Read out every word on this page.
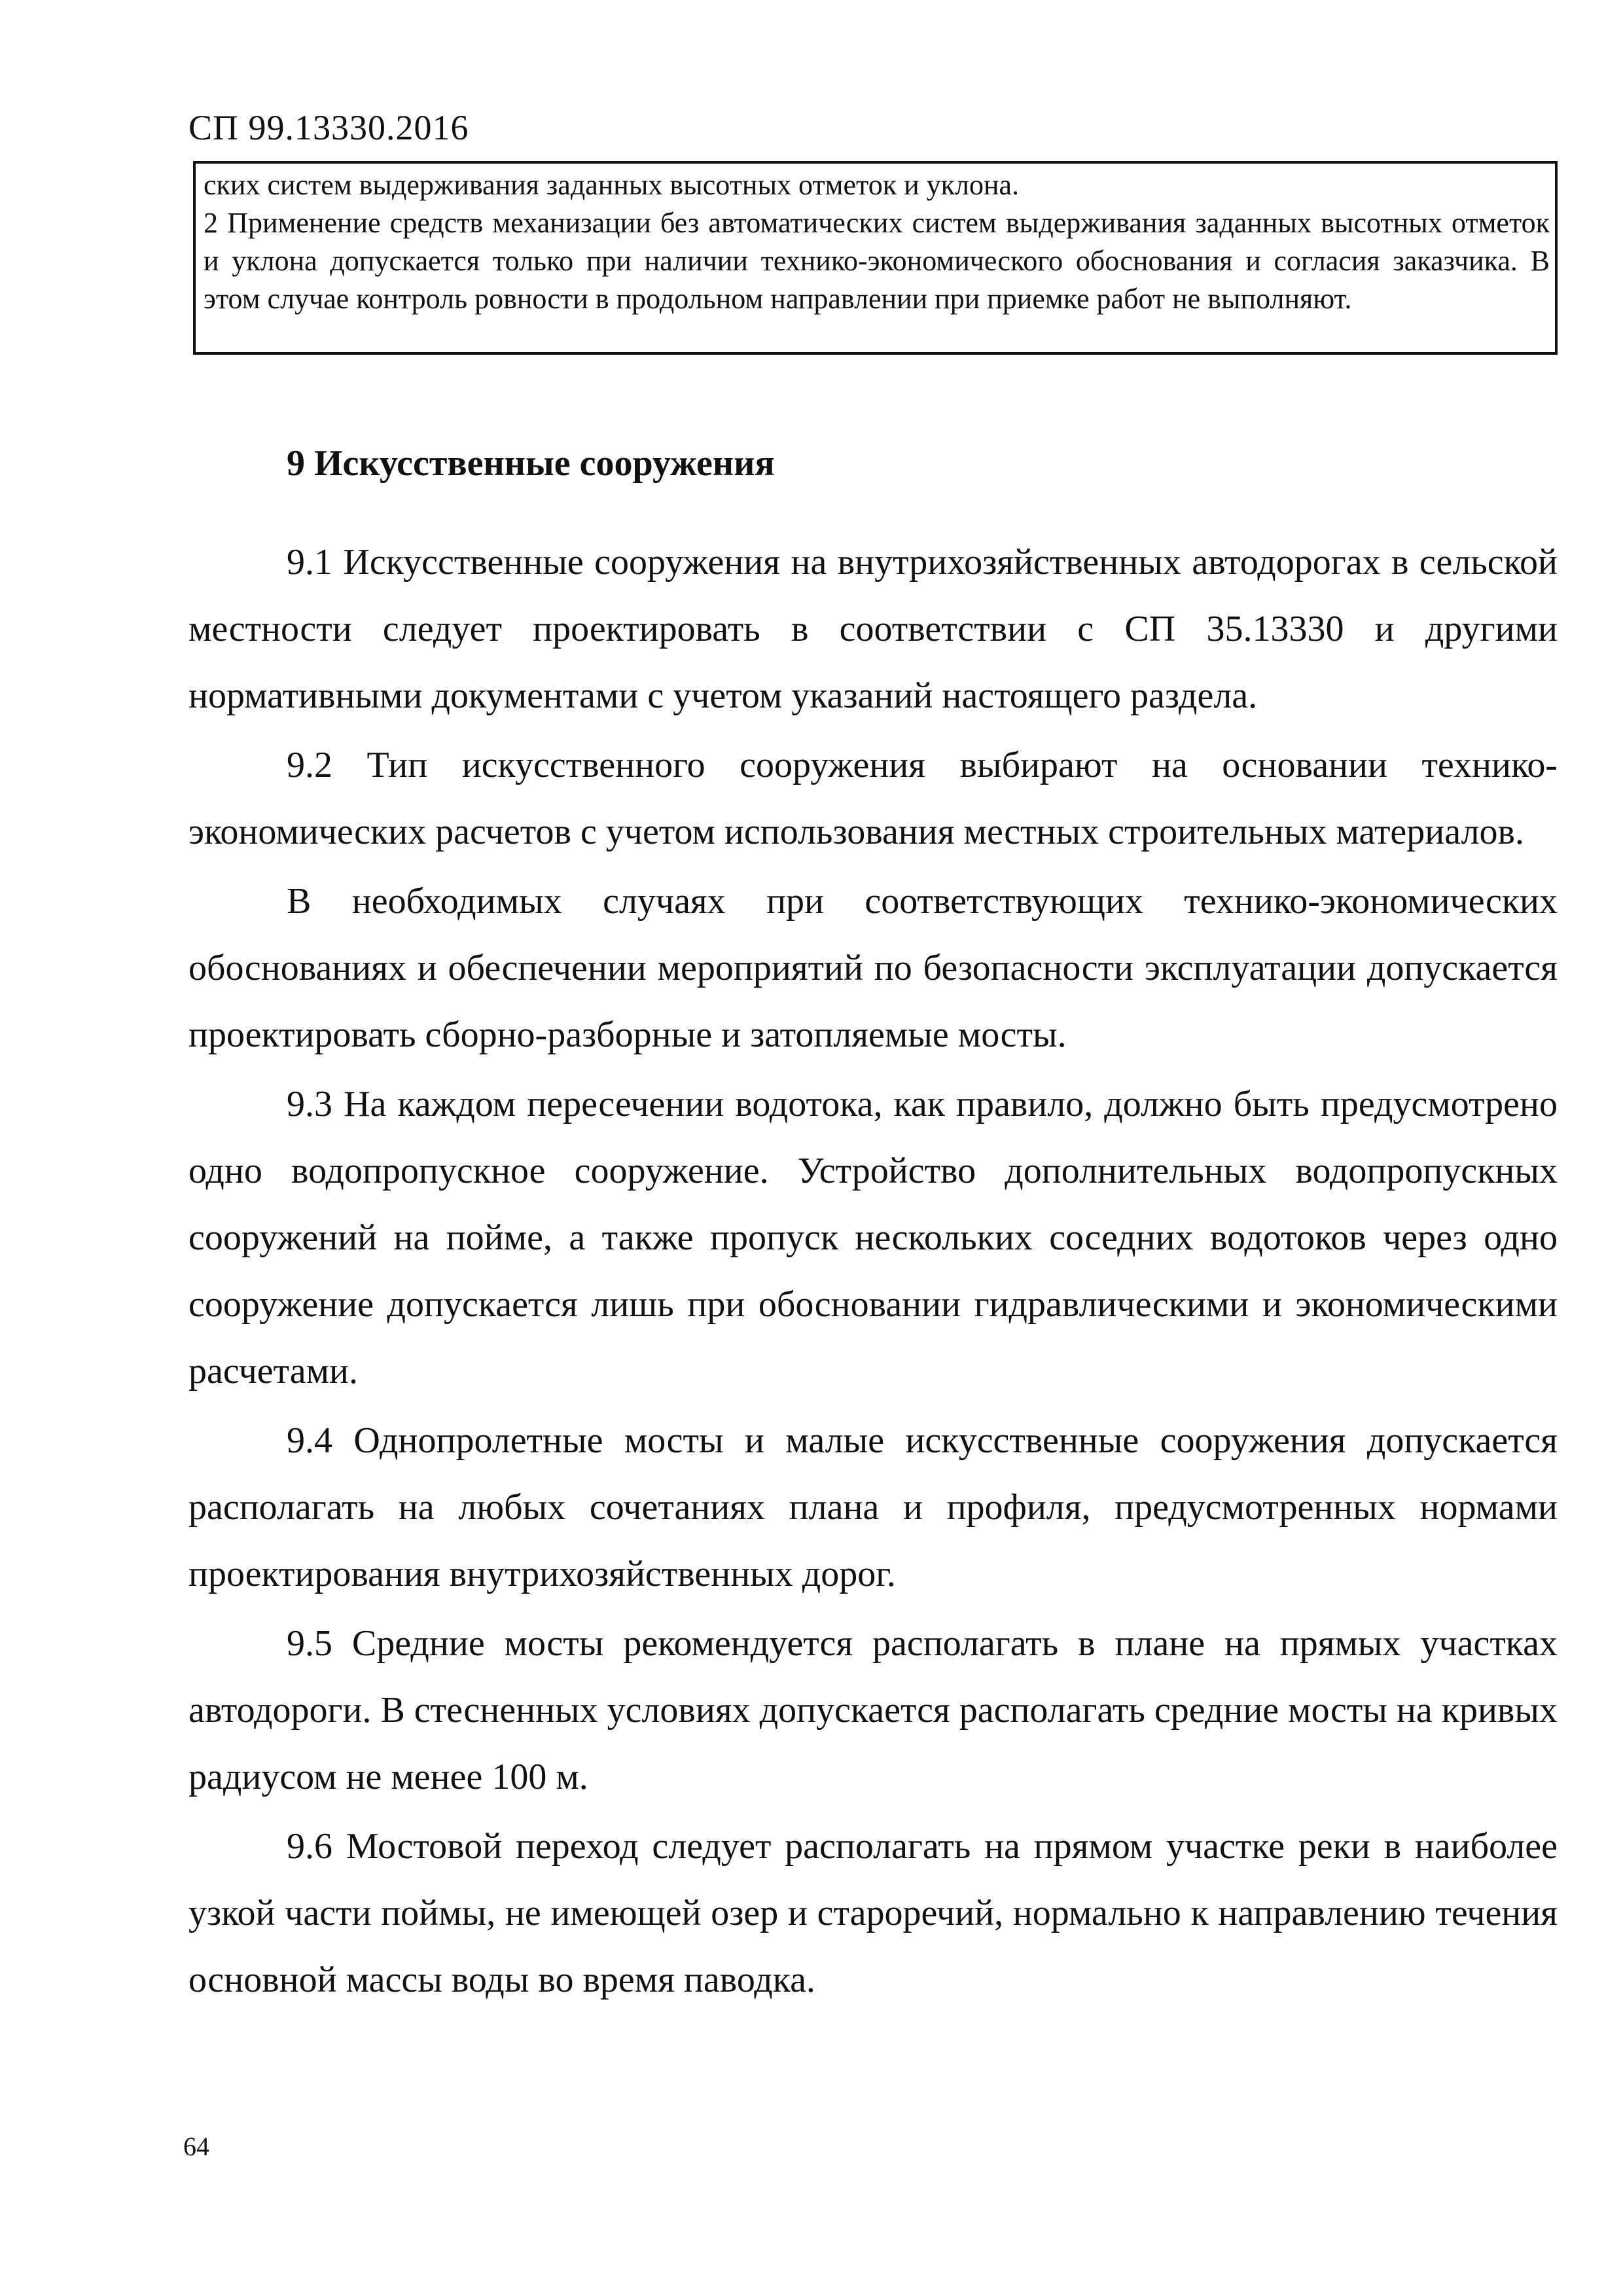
СП 99.13330.2016

ских систем выдерживания заданных высотных отметок и уклона.

2 Применение средств механизации без автоматических систем выдерживания заданных высотных отметок и уклона допускается только при наличии технико-экономического обоснования и согласия заказчика. В этом случае контроль ровности в продольном направлении при приемке работ не выполняют.

9 Искусственные сооружения

9.1 Искусственные сооружения на внутрихозяйственных автодорогах в сельской местности следует проектировать в соответствии с СП 35.13330 и другими нормативными документами с учетом указаний настоящего раздела.

9.2 Тип искусственного сооружения выбирают на основании технико-экономических расчетов с учетом использования местных строительных материалов.

В необходимых случаях при соответствующих технико-экономических обоснованиях и обеспечении мероприятий по безопасности эксплуатации допускается проектировать сборно-разборные и затопляемые мосты.

9.3 На каждом пересечении водотока, как правило, должно быть предусмотрено одно водопропускное сооружение. Устройство дополнительных водопропускных сооружений на пойме, а также пропуск нескольких соседних водотоков через одно сооружение допускается лишь при обосновании гидравлическими и экономическими расчетами.

9.4 Однопролетные мосты и малые искусственные сооружения допускается располагать на любых сочетаниях плана и профиля, предусмотренных нормами проектирования внутрихозяйственных дорог.

9.5 Средние мосты рекомендуется располагать в плане на прямых участках автодороги. В стесненных условиях допускается располагать средние мосты на кривых радиусом не менее 100 м.

9.6 Мостовой переход следует располагать на прямом участке реки в наиболее узкой части поймы, не имеющей озер и староречий, нормально к направлению течения основной массы воды во время паводка.

64
